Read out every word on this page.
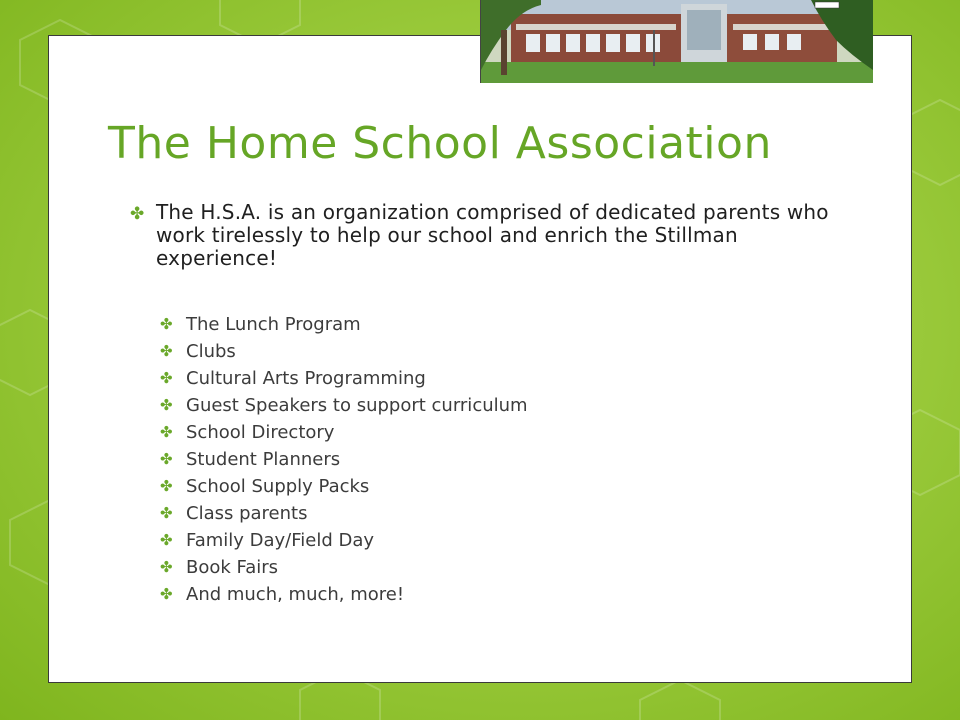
The Home School Association
✤ The H.S.A. is an organization comprised of dedicated parents who work tirelessly to help our school and enrich the Stillman experience!

✤ The Lunch Program
✤ Clubs
✤ Cultural Arts Programming
✤ Guest Speakers to support curriculum
✤ School Directory
✤ Student Planners
✤ School Supply Packs
✤ Class parents
✤ Family Day/Field Day
✤ Book Fairs
✤ And much, much, more!
